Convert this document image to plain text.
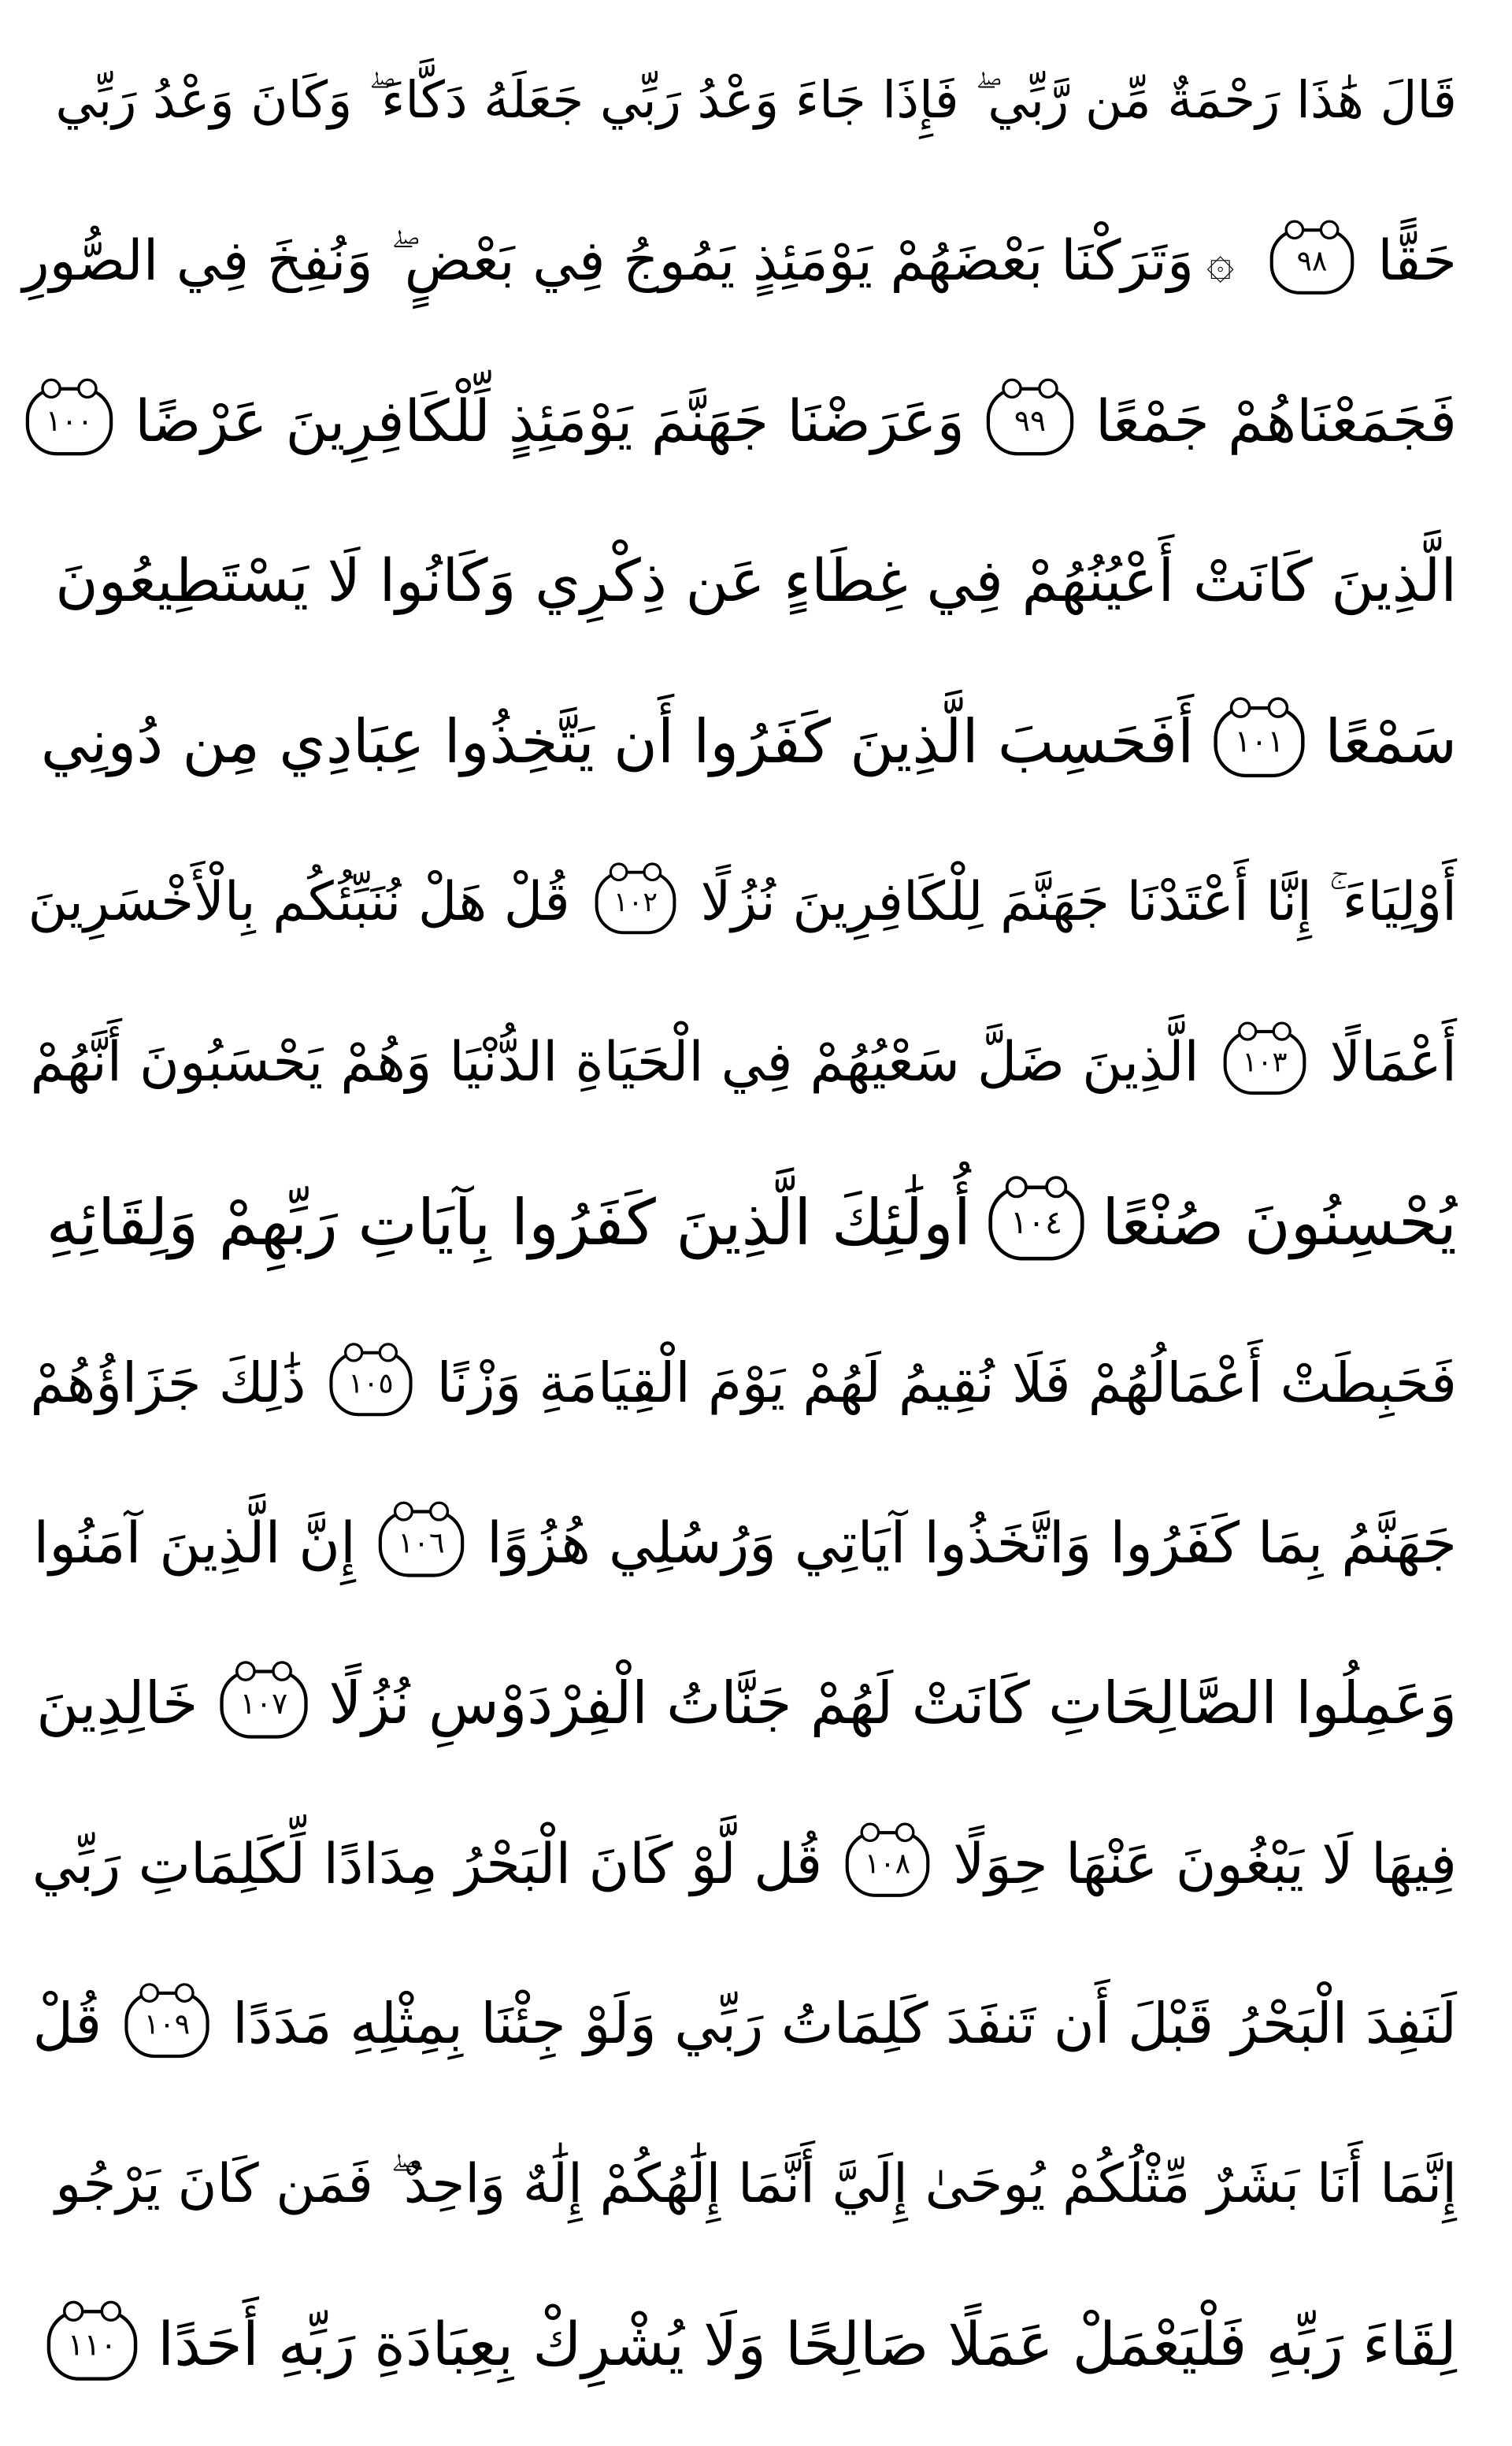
قَالَ هَٰذَا رَحْمَةٌ مِّن رَّبِّي ۖ فَإِذَا جَاءَ وَعْدُ رَبِّي جَعَلَهُ دَكَّاءَ ۖ وَكَانَ وَعْدُ رَبِّي
حَقًّا
٩٨
۞
وَتَرَكْنَا بَعْضَهُمْ يَوْمَئِذٍ يَمُوجُ فِي بَعْضٍ ۖ وَنُفِخَ فِي الصُّورِ
فَجَمَعْنَاهُمْ جَمْعًا
٩٩
وَعَرَضْنَا جَهَنَّمَ يَوْمَئِذٍ لِّلْكَافِرِينَ عَرْضًا
١٠٠
الَّذِينَ كَانَتْ أَعْيُنُهُمْ فِي غِطَاءٍ عَن ذِكْرِي وَكَانُوا لَا يَسْتَطِيعُونَ
سَمْعًا
١٠١
أَفَحَسِبَ الَّذِينَ كَفَرُوا أَن يَتَّخِذُوا عِبَادِي مِن دُونِي
أَوْلِيَاءَ ۚ إِنَّا أَعْتَدْنَا جَهَنَّمَ لِلْكَافِرِينَ نُزُلًا
١٠٢
قُلْ هَلْ نُنَبِّئُكُم بِالْأَخْسَرِينَ
أَعْمَالًا
١٠٣
الَّذِينَ ضَلَّ سَعْيُهُمْ فِي الْحَيَاةِ الدُّنْيَا وَهُمْ يَحْسَبُونَ أَنَّهُمْ
يُحْسِنُونَ صُنْعًا
١٠٤
أُولَٰئِكَ الَّذِينَ كَفَرُوا بِآيَاتِ رَبِّهِمْ وَلِقَائِهِ
فَحَبِطَتْ أَعْمَالُهُمْ فَلَا نُقِيمُ لَهُمْ يَوْمَ الْقِيَامَةِ وَزْنًا
١٠٥
ذَٰلِكَ جَزَاؤُهُمْ
جَهَنَّمُ بِمَا كَفَرُوا وَاتَّخَذُوا آيَاتِي وَرُسُلِي هُزُوًا
١٠٦
إِنَّ الَّذِينَ آمَنُوا
وَعَمِلُوا الصَّالِحَاتِ كَانَتْ لَهُمْ جَنَّاتُ الْفِرْدَوْسِ نُزُلًا
١٠٧
خَالِدِينَ
فِيهَا لَا يَبْغُونَ عَنْهَا حِوَلًا
١٠٨
قُل لَّوْ كَانَ الْبَحْرُ مِدَادًا لِّكَلِمَاتِ رَبِّي
لَنَفِدَ الْبَحْرُ قَبْلَ أَن تَنفَدَ كَلِمَاتُ رَبِّي وَلَوْ جِئْنَا بِمِثْلِهِ مَدَدًا
١٠٩
قُلْ
إِنَّمَا أَنَا بَشَرٌ مِّثْلُكُمْ يُوحَىٰ إِلَيَّ أَنَّمَا إِلَٰهُكُمْ إِلَٰهٌ وَاحِدٌ ۖ فَمَن كَانَ يَرْجُو
لِقَاءَ رَبِّهِ فَلْيَعْمَلْ عَمَلًا صَالِحًا وَلَا يُشْرِكْ بِعِبَادَةِ رَبِّهِ أَحَدًا
١١٠
